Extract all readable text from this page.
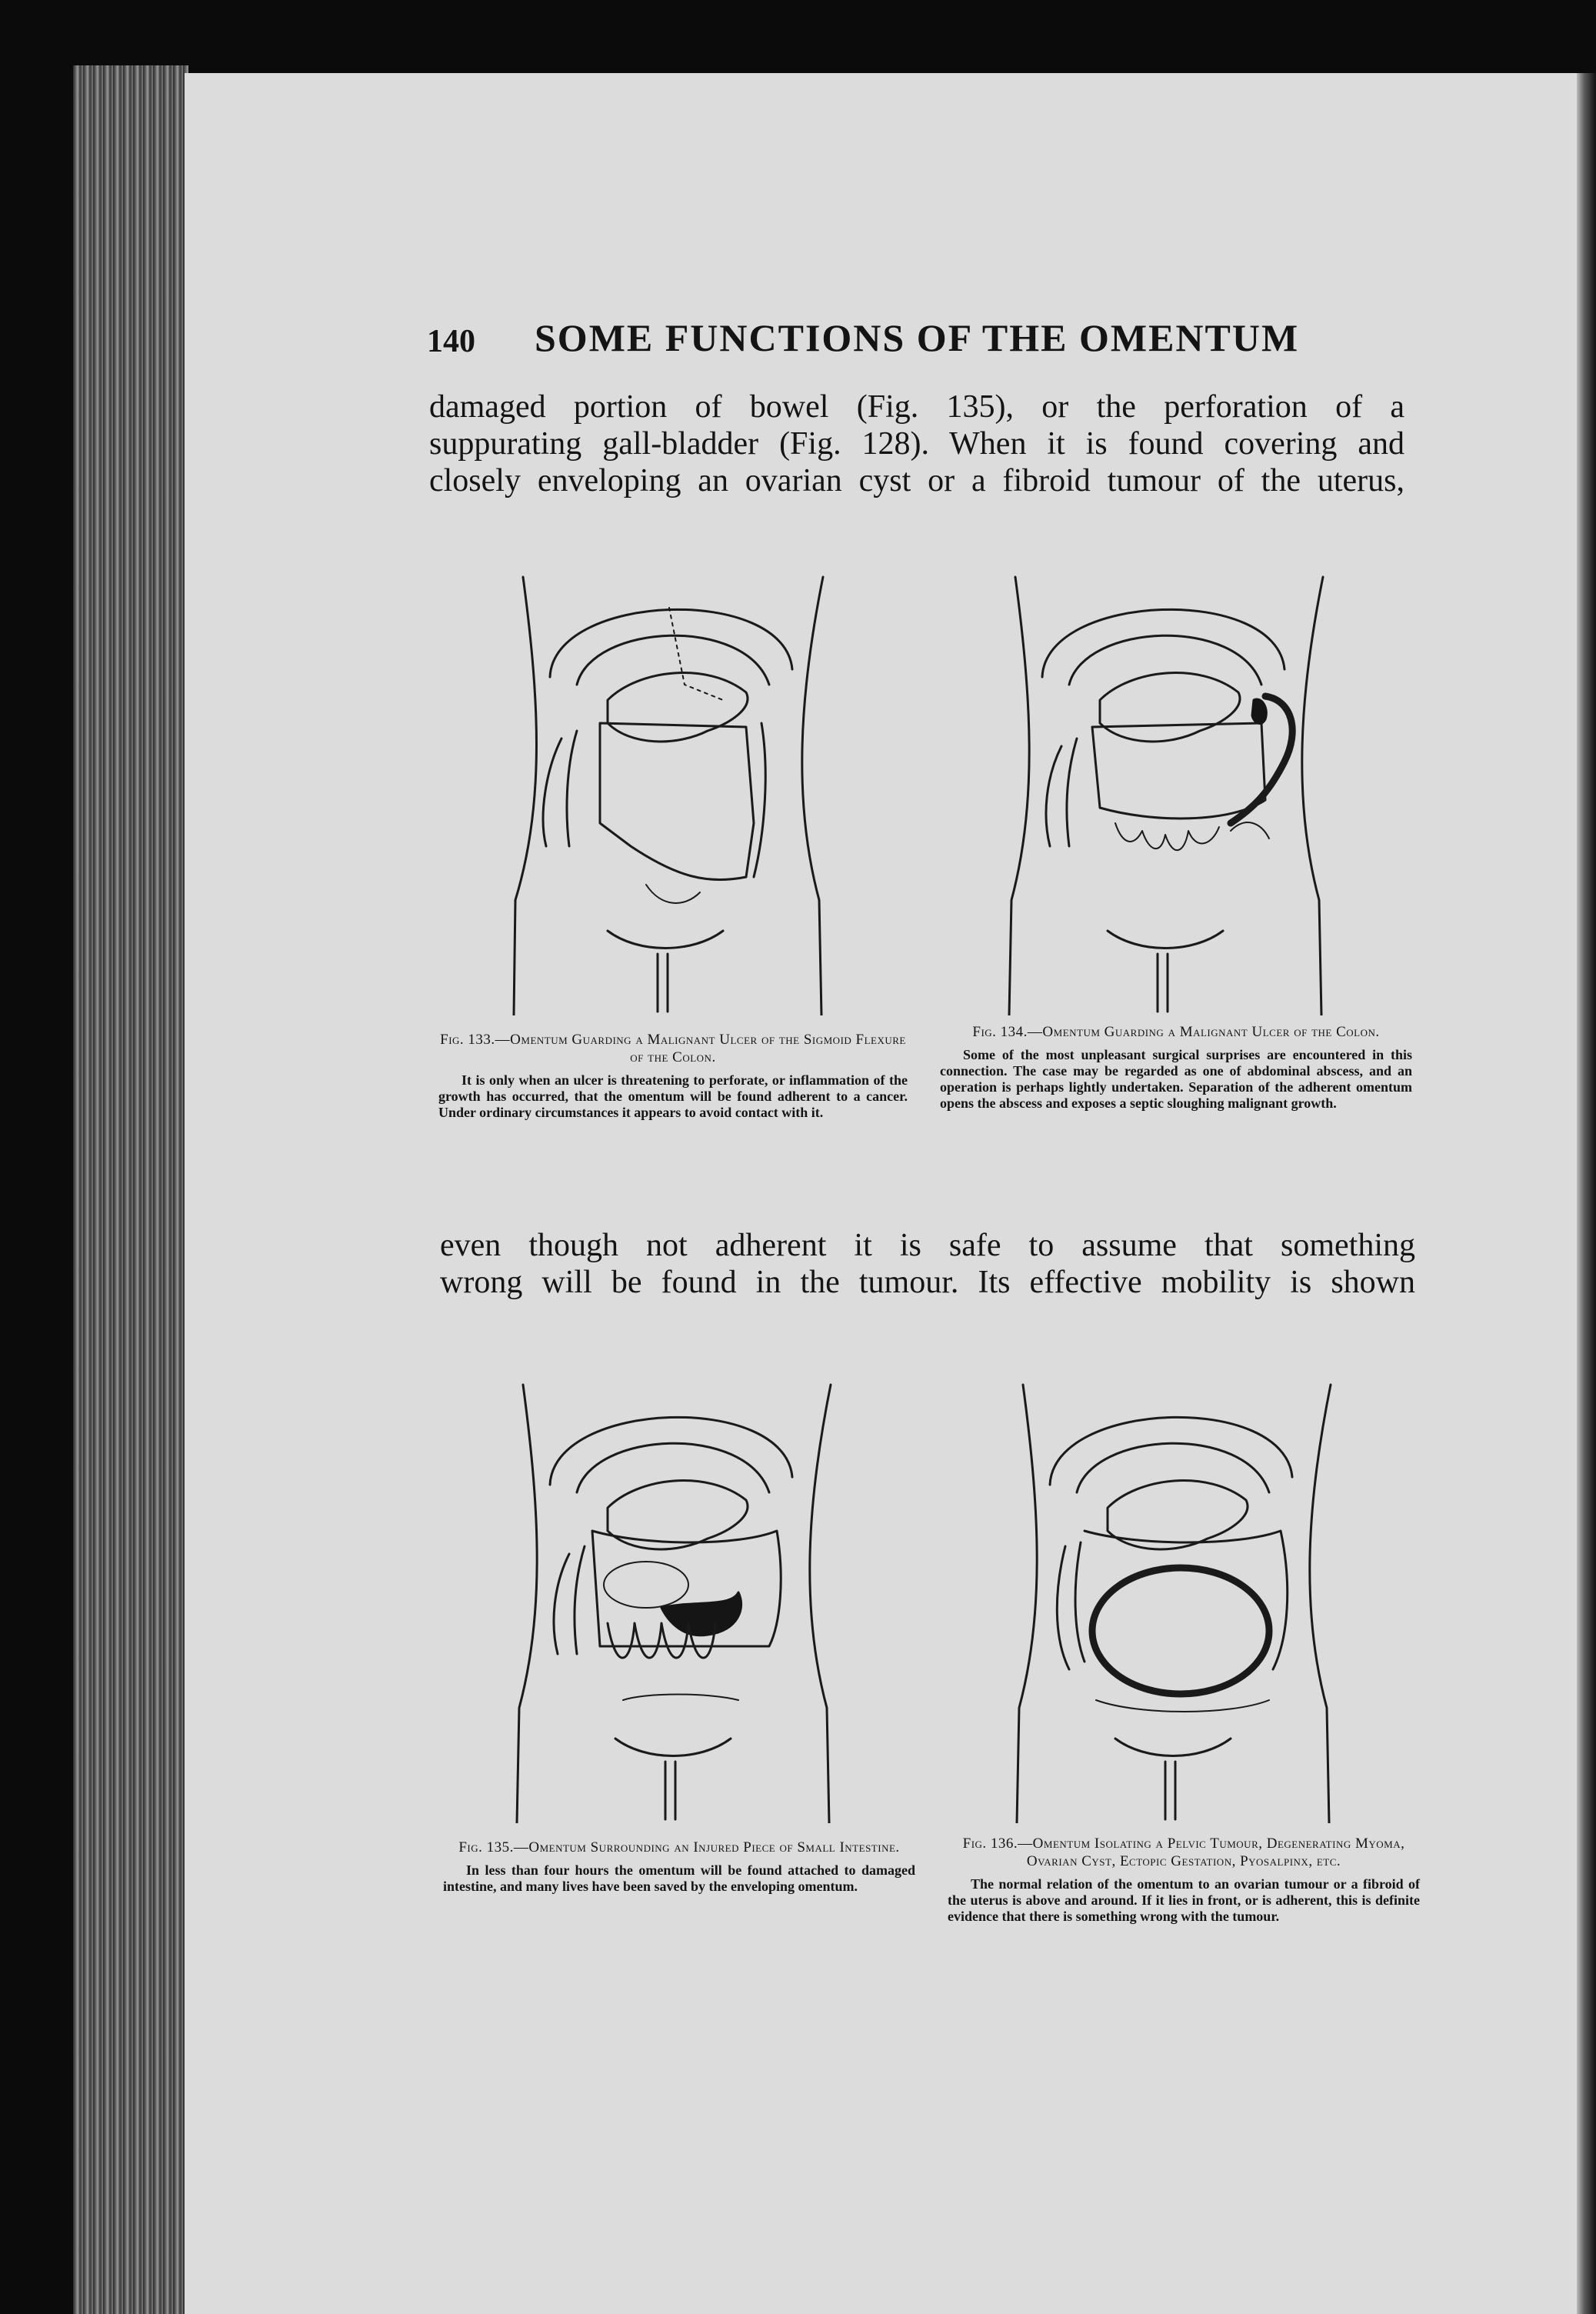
140 SOME FUNCTIONS OF THE OMENTUM

damaged portion of bowel (Fig. 135), or the perforation of a

suppurating gall-bladder (Fig. 128). When it is found covering and

closely enveloping an ovarian cyst or a fibroid tumour of the uterus,

Fig. 133.—Omentum Guarding a Malignant Ulcer of the Sigmoid Flexure of the Colon.
It is only when an ulcer is threatening to perforate, or inflammation of the growth has occurred, that the omentum will be found adherent to a cancer. Under ordinary circumstances it appears to avoid contact with it.
Fig. 134.—Omentum Guarding a Malignant Ulcer of the Colon.
Some of the most unpleasant surgical surprises are encountered in this connection. The case may be regarded as one of abdominal abscess, and an operation is perhaps lightly undertaken. Separation of the adherent omentum opens the abscess and exposes a septic sloughing malignant growth.

even though not adherent it is safe to assume that something

wrong will be found in the tumour. Its effective mobility is shown

Fig. 135.—Omentum Surrounding an Injured Piece of Small Intestine.
In less than four hours the omentum will be found attached to damaged intestine, and many lives have been saved by the enveloping omentum.
Fig. 136.—Omentum Isolating a Pelvic Tumour, Degenerating Myoma, Ovarian Cyst, Ectopic Gestation, Pyosalpinx, etc.
The normal relation of the omentum to an ovarian tumour or a fibroid of the uterus is above and around. If it lies in front, or is adherent, this is definite evidence that there is something wrong with the tumour.
